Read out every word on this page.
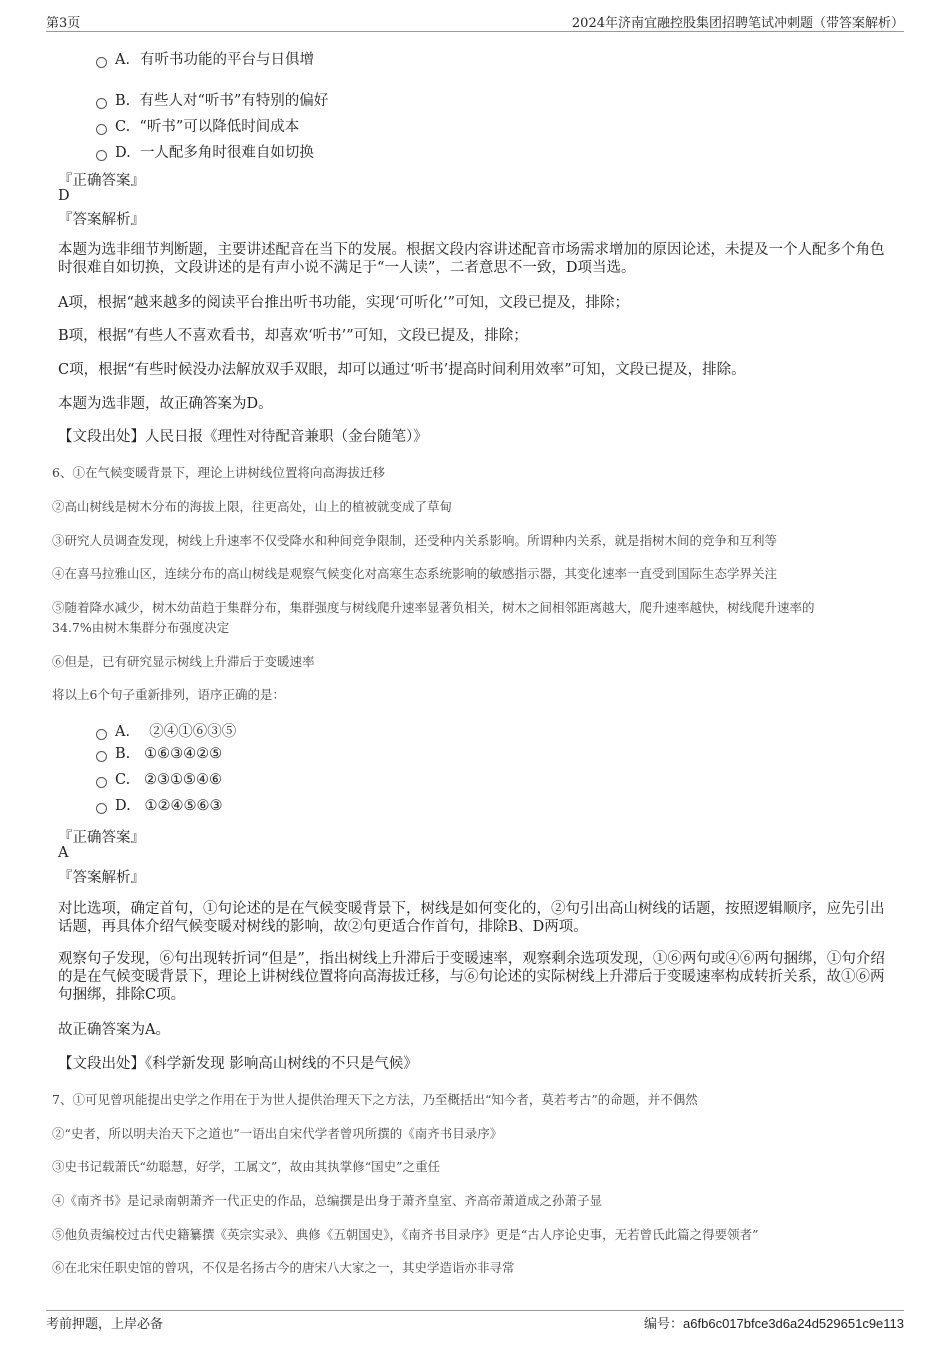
第3页	2024年济南宜融控股集团招聘笔试冲刺题（带答案解析）
A．有听书功能的平台与日俱增
B. 有些人对“听书”有特别的偏好
C. “听书”可以降低时间成本
D. 一人配多角时很难自如切换
『正确答案』
D
『答案解析』
本题为选非细节判断题，主要讲述配音在当下的发展。根据文段内容讲述配音市场需求增加的原因论述，未提及一个人配多个角色时很难自如切换，文段讲述的是有声小说不满足于“一人读”，二者意思不一致，D项当选。
A项，根据“越来越多的阅读平台推出听书功能，实现‘可听化’”可知，文段已提及，排除；
B项，根据“有些人不喜欢看书，却喜欢‘听书’”可知，文段已提及，排除；
C项，根据“有些时候没办法解放双手双眼，却可以通过‘听书’提高时间利用效率”可知，文段已提及，排除。
本题为选非题，故正确答案为D。
【文段出处】人民日报《理性对待配音兼职（金台随笔）》
6、①在气候变暖背景下，理论上讲树线位置将向高海拔迁移
②高山树线是树木分布的海拔上限，往更高处，山上的植被就变成了草甸
③研究人员调查发现，树线上升速率不仅受降水和种间竞争限制，还受种内关系影响。所谓种内关系，就是指树木间的竞争和互利等
④在喜马拉雅山区，连续分布的高山树线是观察气候变化对高寒生态系统影响的敏感指示器，其变化速率一直受到国际生态学界关注
⑤随着降水减少，树木幼苗趋于集群分布，集群强度与树线爬升速率显著负相关，树木之间相邻距离越大，爬升速率越快，树线爬升速率的
34.7%由树木集群分布强度决定
⑥但是，已有研究显示树线上升滞后于变暖速率
将以上6个句子重新排列，语序正确的是：
A． ②④①⑥③⑤
B. ①⑥③④②⑤
C. ②③①⑤④⑥
D. ①②④⑤⑥③
『正确答案』
A
『答案解析』
对比选项，确定首句，①句论述的是在气候变暖背景下，树线是如何变化的，②句引出高山树线的话题，按照逻辑顺序，应先引出话题，再具体介绍气候变暖对树线的影响，故②句更适合作首句，排除B、D两项。
观察句子发现，⑥句出现转折词“但是”，指出树线上升滞后于变暖速率，观察剩余选项发现，①⑥两句或④⑥两句捆绑，①句介绍的是在气候变暖背景下，理论上讲树线位置将向高海拔迁移，与⑥句论述的实际树线上升滞后于变暖速率构成转折关系，故①⑥两句捆绑，排除C项。
故正确答案为A。
【文段出处】《科学新发现 影响高山树线的不只是气候》
7、①可见曾巩能提出史学之作用在于为世人提供治理天下之方法，乃至概括出“知今者，莫若考古”的命题，并不偶然
②“史者，所以明夫治天下之道也”一语出自宋代学者曾巩所撰的《南齐书目录序》
③史书记载萧氏“幼聪慧，好学，工属文”，故由其执掌修“国史”之重任
④《南齐书》是记录南朝萧齐一代正史的作品，总编撰是出身于萧齐皇室、齐高帝萧道成之孙萧子显
⑤他负责编校过古代史籍纂撰《英宗实录》、典修《五朝国史》，《南齐书目录序》更是“古人序论史事，无若曾氏此篇之得要领者”
⑥在北宋任职史馆的曾巩，不仅是名扬古今的唐宋八大家之一，其史学造诣亦非寻常
考前押题，上岸必备	编号：a6fb6c017bfce3d6a24d529651c9e113
